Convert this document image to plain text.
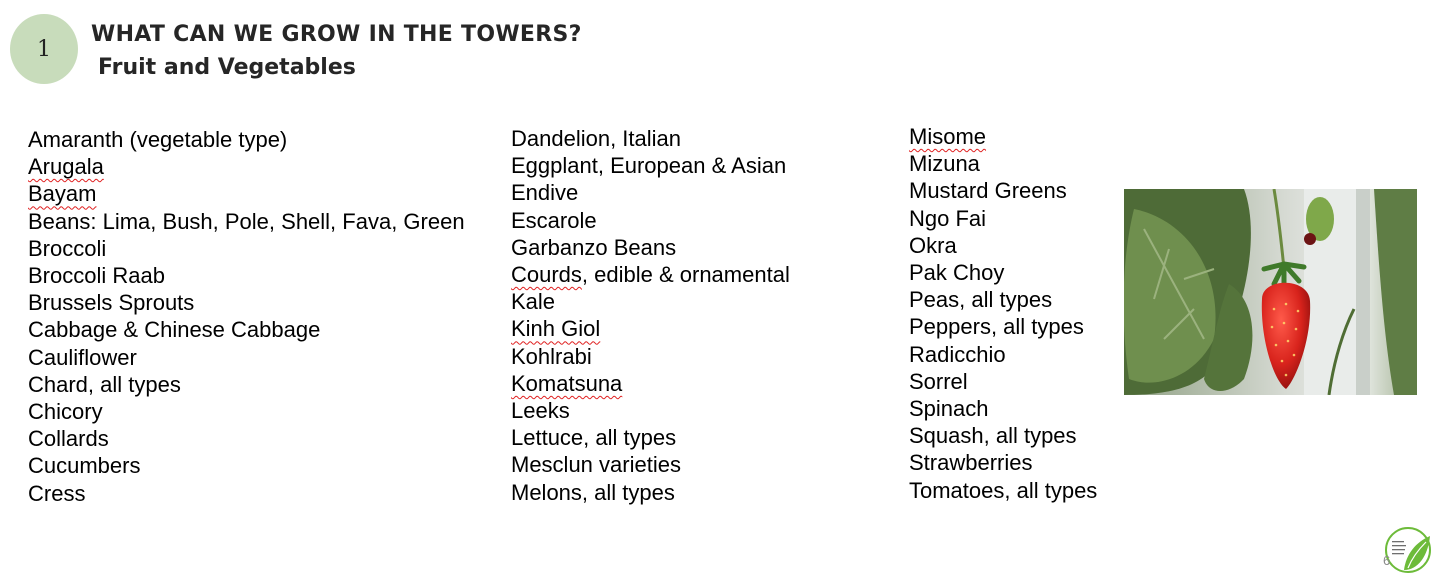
1
WHAT CAN WE GROW IN THE TOWERS?
Fruit and Vegetables
Amaranth (vegetable type)
Arugala
Bayam
Beans: Lima, Bush, Pole, Shell, Fava, Green
Broccoli
Broccoli Raab
Brussels Sprouts
Cabbage & Chinese Cabbage
Cauliflower
Chard, all types
Chicory
Collards
Cucumbers
Cress
Dandelion, Italian
Eggplant, European & Asian
Endive
Escarole
Garbanzo Beans
Courds, edible & ornamental
Kale
Kinh Giol
Kohlrabi
Komatsuna
Leeks
Lettuce, all types
Mesclun varieties
Melons, all types
Misome
Mizuna
Mustard Greens
Ngo Fai
Okra
Pak Choy
Peas, all types
Peppers, all types
Radicchio
Sorrel
Spinach
Squash, all types
Strawberries
Tomatoes, all types
6
